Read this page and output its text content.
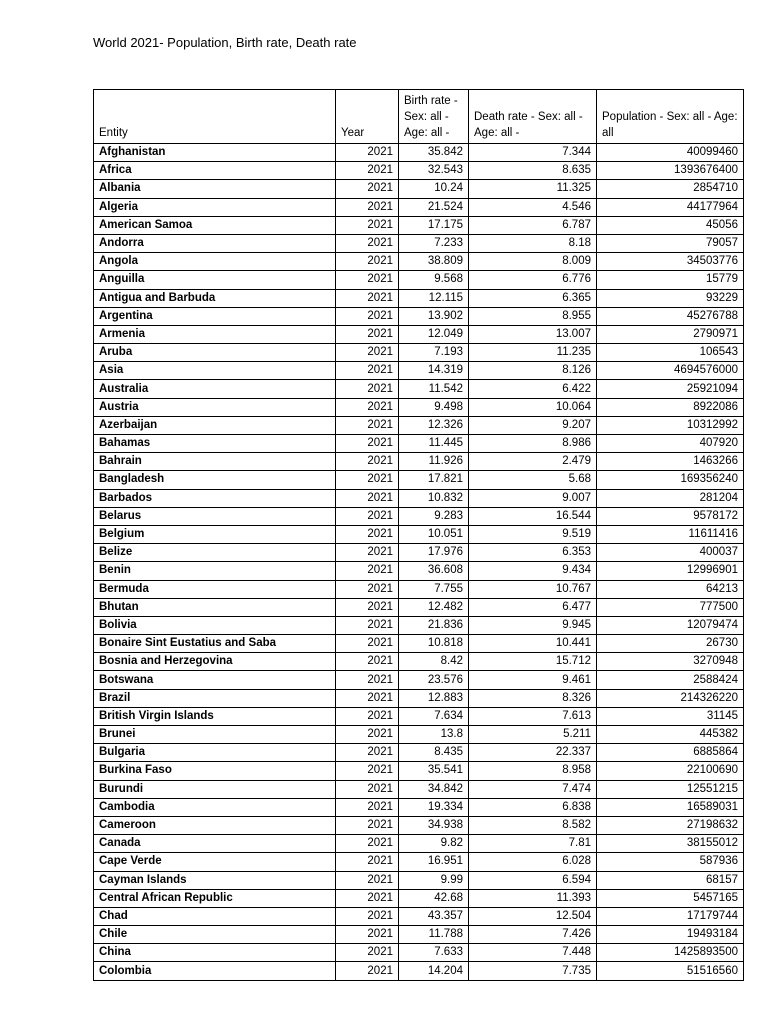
World 2021- Population, Birth rate, Death rate
Entity	Year	Birth rate - Sex: all - Age: all -	Death rate - Sex: all - Age: all -	Population - Sex: all - Age: all
Afghanistan	2021	35.842	7.344	40099460
Africa	2021	32.543	8.635	1393676400
Albania	2021	10.24	11.325	2854710
Algeria	2021	21.524	4.546	44177964
American Samoa	2021	17.175	6.787	45056
Andorra	2021	7.233	8.18	79057
Angola	2021	38.809	8.009	34503776
Anguilla	2021	9.568	6.776	15779
Antigua and Barbuda	2021	12.115	6.365	93229
Argentina	2021	13.902	8.955	45276788
Armenia	2021	12.049	13.007	2790971
Aruba	2021	7.193	11.235	106543
Asia	2021	14.319	8.126	4694576000
Australia	2021	11.542	6.422	25921094
Austria	2021	9.498	10.064	8922086
Azerbaijan	2021	12.326	9.207	10312992
Bahamas	2021	11.445	8.986	407920
Bahrain	2021	11.926	2.479	1463266
Bangladesh	2021	17.821	5.68	169356240
Barbados	2021	10.832	9.007	281204
Belarus	2021	9.283	16.544	9578172
Belgium	2021	10.051	9.519	11611416
Belize	2021	17.976	6.353	400037
Benin	2021	36.608	9.434	12996901
Bermuda	2021	7.755	10.767	64213
Bhutan	2021	12.482	6.477	777500
Bolivia	2021	21.836	9.945	12079474
Bonaire Sint Eustatius and Saba	2021	10.818	10.441	26730
Bosnia and Herzegovina	2021	8.42	15.712	3270948
Botswana	2021	23.576	9.461	2588424
Brazil	2021	12.883	8.326	214326220
British Virgin Islands	2021	7.634	7.613	31145
Brunei	2021	13.8	5.211	445382
Bulgaria	2021	8.435	22.337	6885864
Burkina Faso	2021	35.541	8.958	22100690
Burundi	2021	34.842	7.474	12551215
Cambodia	2021	19.334	6.838	16589031
Cameroon	2021	34.938	8.582	27198632
Canada	2021	9.82	7.81	38155012
Cape Verde	2021	16.951	6.028	587936
Cayman Islands	2021	9.99	6.594	68157
Central African Republic	2021	42.68	11.393	5457165
Chad	2021	43.357	12.504	17179744
Chile	2021	11.788	7.426	19493184
China	2021	7.633	7.448	1425893500
Colombia	2021	14.204	7.735	51516560
